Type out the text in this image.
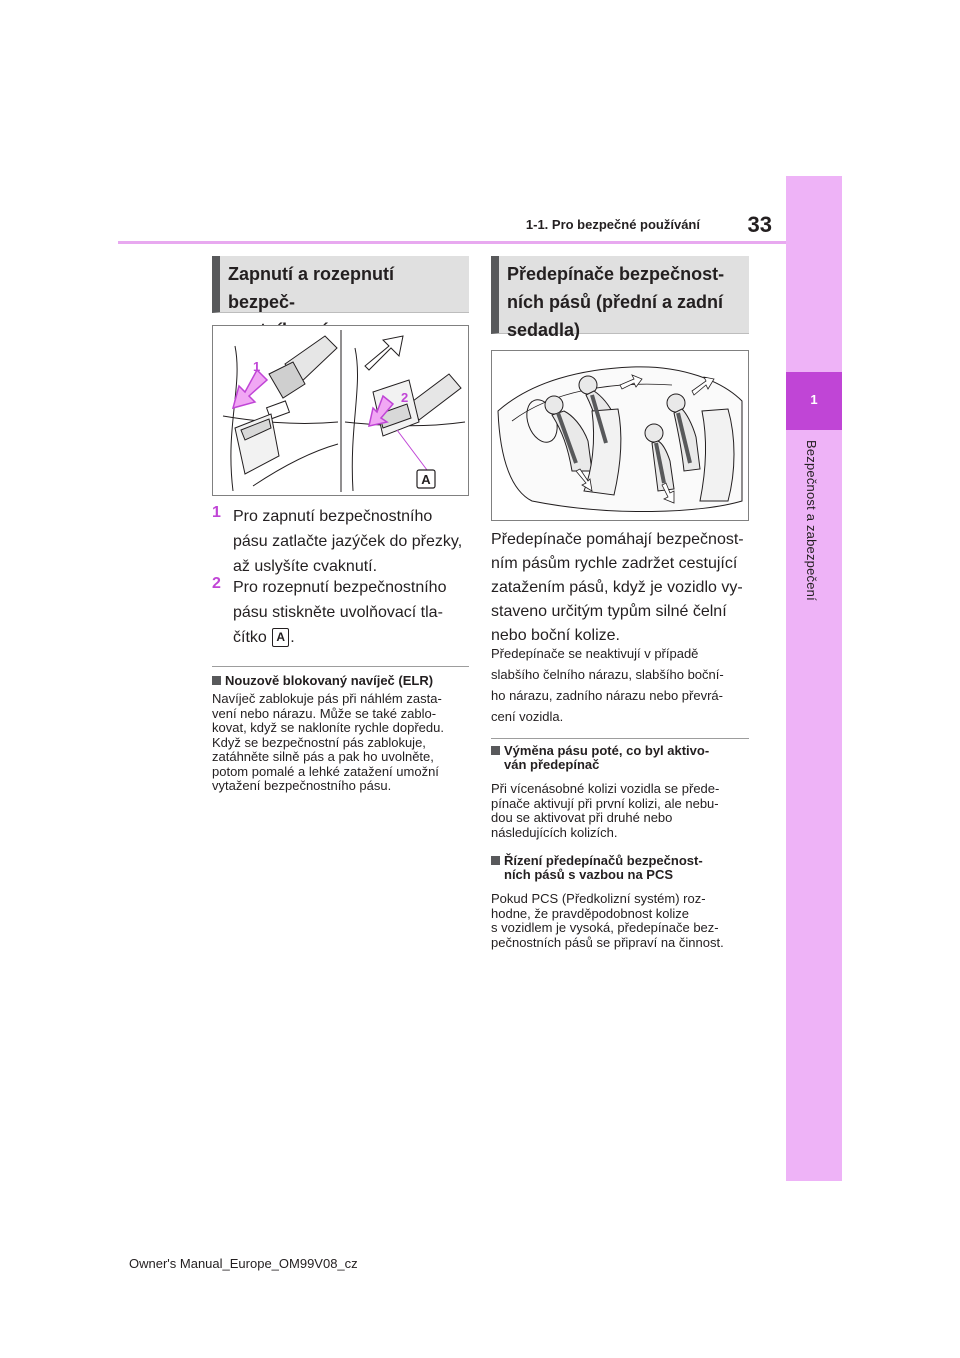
1-1. Pro bezpečné používání	33
1
Bezpečnost a zabezpečení
Zapnutí a rozepnutí bezpeč-
1
2
A
1 Pro zapnutí bezpečnostního
pásu zatlačte jazýček do přezky,
až uslyšíte cvaknutí.
2 Pro rozepnutí bezpečnostního
pásu stiskněte uvolňovací tla-
čítko A .
Nouzově blokovaný navíječ (ELR)
Navíječ zablokuje pás při náhlém zasta-
vení nebo nárazu. Může se také zablo-
kovat, když se nakloníte rychle dopředu.
Když se bezpečnostní pás zablokuje,
zatáhněte silně pás a pak ho uvolněte,
potom pomalé a lehké zatažení umožní
vytažení bezpečnostního pásu.
Předepínače bezpečnost-
ních pásů (přední a zadní
sedadla)
Předepínače pomáhají bezpečnost-
ním pásům rychle zadržet cestující
zatažením pásů, když je vozidlo vy-
staveno určitým typům silné čelní
nebo boční kolize.
Předepínače se neaktivují v případě
slabšího čelního nárazu, slabšího boční-
ho nárazu, zadního nárazu nebo převrá-
cení vozidla.
Výměna pásu poté, co byl aktivo-
ván předepínač
Při vícenásobné kolizi vozidla se přede-
pínače aktivují při první kolizi, ale nebu-
dou se aktivovat při druhé nebo
následujících kolizích.
Řízení předepínačů bezpečnost-
ních pásů s vazbou na PCS
Pokud PCS (Předkolizní systém) roz-
hodne, že pravděpodobnost kolize
s vozidlem je vysoká, předepínače bez-
pečnostních pásů se připraví na činnost.
Owner's Manual_Europe_OM99V08_cz
